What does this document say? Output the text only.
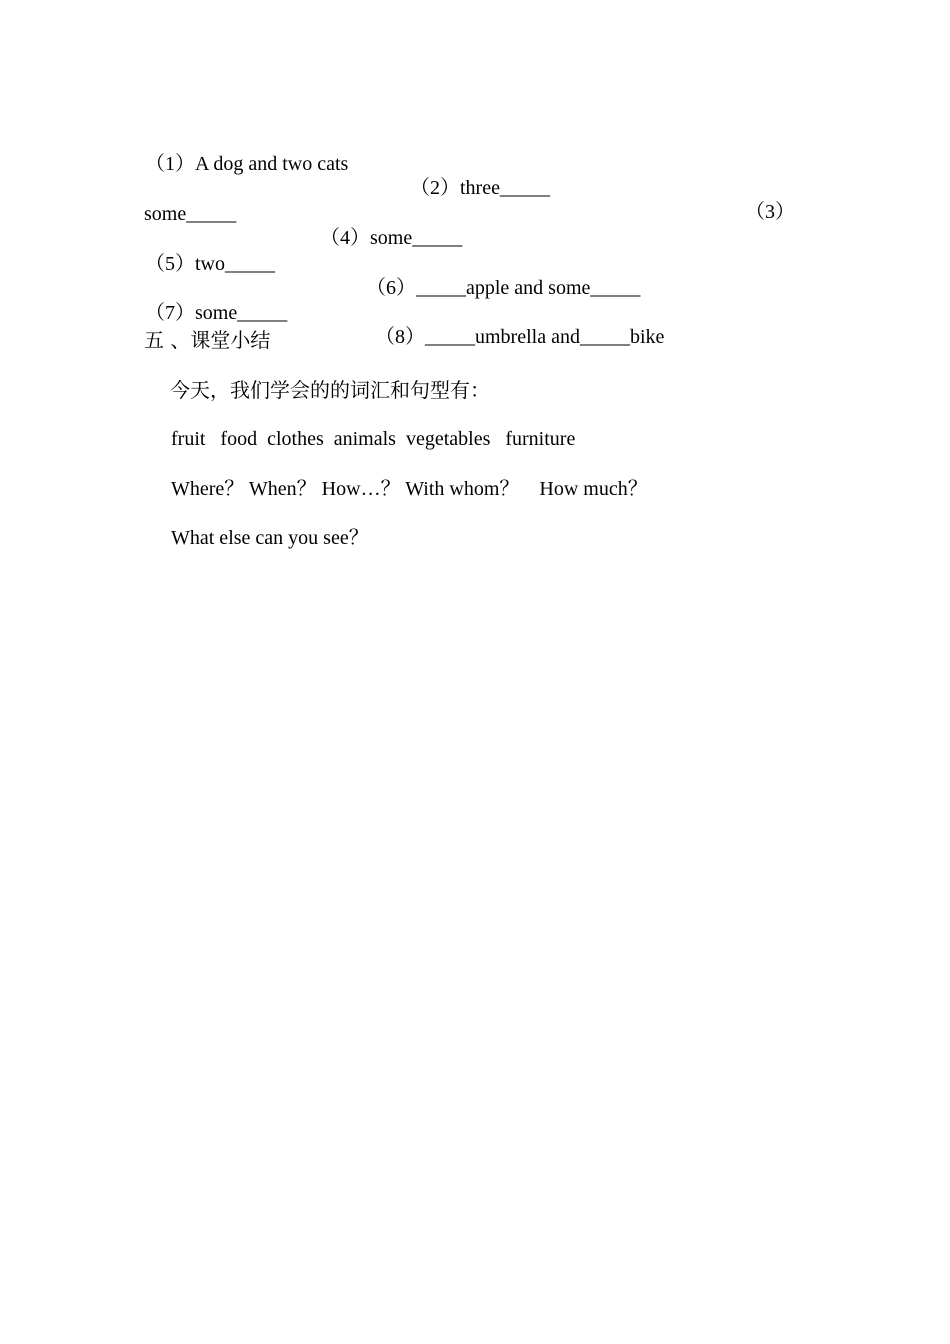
（1）A dog and two cats

（2）three_____

（3）

some_____

（4）some_____

（5）two_____

（6）_____apple and some_____

（7）some_____

（8）_____umbrella and_____bike

五 、课堂小结
今天，我们学会的的词汇和句型有：
fruit   food  clothes  animals  vegetables   furniture
Where？ When？ How…？ With whom？    How much？
What else can you see？
